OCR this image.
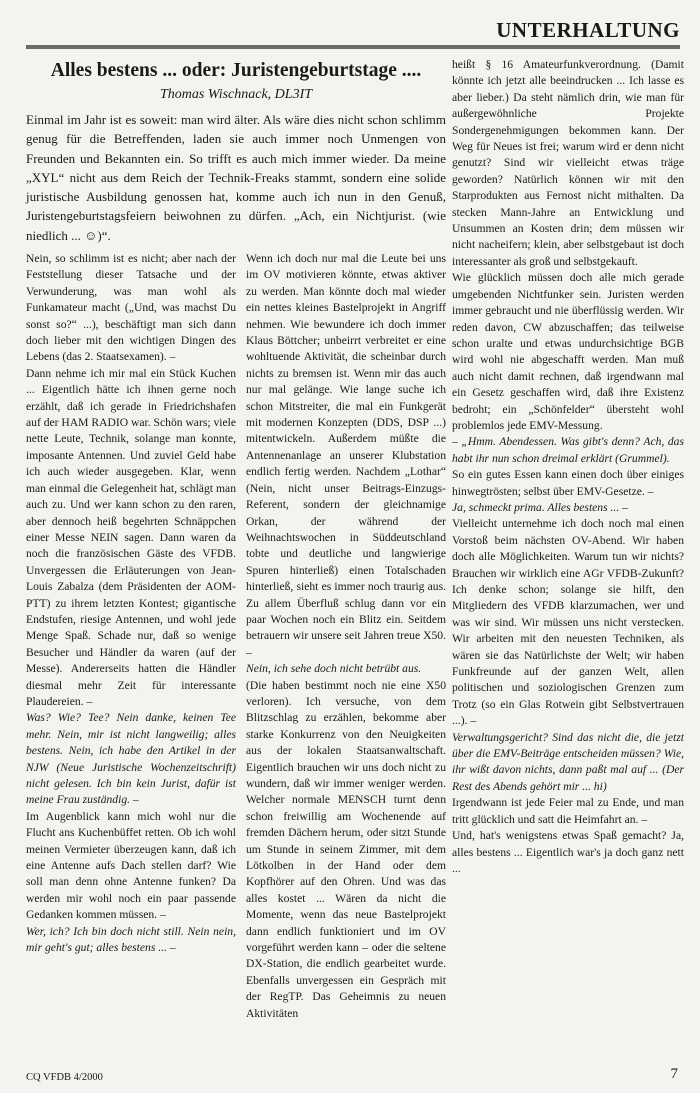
UNTERHALTUNG
Alles bestens ... oder: Juristengeburtstage ....
Thomas Wischnack, DL3IT

Einmal im Jahr ist es soweit: man wird älter. Als wäre dies nicht schon schlimm genug für die Betreffenden, laden sie auch immer noch Unmengen von Freunden und Bekannten ein. So trifft es auch mich immer wieder. Da meine „XYL“ nicht aus dem Reich der Technik-Freaks stammt, sondern eine solide juristische Ausbildung genossen hat, komme auch ich nun in den Genuß, Juristengeburtstagsfeiern beiwohnen zu dürfen. „Ach, ein Nichtjurist. (wie niedlich ... ☺)“.

Nein, so schlimm ist es nicht; aber nach der Feststellung dieser Tatsache und der Verwunderung, was man wohl als Funkamateur macht („Und, was machst Du sonst so?“ ...), beschäftigt man sich dann doch lieber mit den wichtigen Dingen des Lebens (das 2. Staatsexamen). –

Dann nehme ich mir mal ein Stück Kuchen ... Eigentlich hätte ich ihnen gerne noch erzählt, daß ich gerade in Friedrichshafen auf der HAM RADIO war. Schön wars; viele nette Leute, Technik, solange man konnte, imposante Antennen. Und zuviel Geld habe ich auch wieder ausgegeben. Klar, wenn man einmal die Gelegenheit hat, schlägt man auch zu. Und wer kann schon zu den raren, aber dennoch heiß begehrten Schnäppchen einer Messe NEIN sagen. Dann waren da noch die französischen Gäste des VFDB. Unvergessen die Erläuterungen von Jean-Louis Zabalza (dem Präsidenten der AOM-PTT) zu ihrem letzten Kontest; gigantische Endstufen, riesige Antennen, und wohl jede Menge Spaß. Schade nur, daß so wenige Besucher und Händler da waren (auf der Messe). Andererseits hatten die Händler diesmal mehr Zeit für interessante Plaudereien. –

Was? Wie? Tee? Nein danke, keinen Tee mehr. Nein, mir ist nicht langweilig; alles bestens. Nein, ich habe den Artikel in der NJW (Neue Juristische Wochenzeitschrift) nicht gelesen. Ich bin kein Jurist, dafür ist meine Frau zuständig. –

Im Augenblick kann mich wohl nur die Flucht ans Kuchenbüffet retten. Ob ich wohl meinen Vermieter überzeugen kann, daß ich eine Antenne aufs Dach stellen darf? Wie soll man denn ohne Antenne funken? Da werden mir wohl noch ein paar passende Gedanken kommen müssen. –

Wer, ich? Ich bin doch nicht still. Nein nein, mir geht's gut; alles bestens ... –

Wenn ich doch nur mal die Leute bei uns im OV motivieren könnte, etwas aktiver zu werden. Man könnte doch mal wieder ein nettes kleines Bastelprojekt in Angriff nehmen. Wie bewundere ich doch immer Klaus Böttcher; unbeirrt verbreitet er eine wohltuende Aktivität, die scheinbar durch nichts zu bremsen ist. Wenn mir das auch nur mal gelänge. Wie lange suche ich schon Mitstreiter, die mal ein Funkgerät mit modernen Konzepten (DDS, DSP ...) mitentwickeln. Außerdem müßte die Antennenanlage an unserer Klubstation endlich fertig werden. Nachdem „Lothar“ (Nein, nicht unser Beitrags-Einzugs-Referent, sondern der gleichnamige Orkan, der während der Weihnachtswochen in Süddeutschland tobte und deutliche und langwierige Spuren hinterließ) einen Totalschaden hinterließ, sieht es immer noch traurig aus. Zu allem Überfluß schlug dann vor ein paar Wochen noch ein Blitz ein. Seitdem betrauern wir unsere seit Jahren treue X50. –

Nein, ich sehe doch nicht betrübt aus.

(Die haben bestimmt noch nie eine X50 verloren). Ich versuche, von dem Blitzschlag zu erzählen, bekomme aber starke Konkurrenz von den Neuigkeiten aus der lokalen Staatsanwaltschaft. Eigentlich brauchen wir uns doch nicht zu wundern, daß wir immer weniger werden. Welcher normale MENSCH turnt denn schon freiwillig am Wochenende auf fremden Dächern herum, oder sitzt Stunde um Stunde in seinem Zimmer, mit dem Lötkolben in der Hand oder dem Kopfhörer auf den Ohren. Und was das alles kostet ... Wären da nicht die Momente, wenn das neue Bastelprojekt dann endlich funktioniert und im OV vorgeführt werden kann – oder die seltene DX-Station, die endlich gearbeitet wurde. Ebenfalls unvergessen ein Gespräch mit der RegTP. Das Geheimnis zu neuen Aktivitäten

heißt § 16 Amateurfunkverordnung. (Damit könnte ich jetzt alle beeindrucken ... Ich lasse es aber lieber.) Da steht nämlich drin, wie man für außergewöhnliche Projekte Sondergenehmigungen bekommen kann. Der Weg für Neues ist frei; warum wird er denn nicht genutzt? Sind wir vielleicht etwas träge geworden? Natürlich können wir mit den Starprodukten aus Fernost nicht mithalten. Da stecken Mann-Jahre an Entwicklung und Unsummen an Kosten drin; dem müssen wir nicht nacheifern; klein, aber selbstgebaut ist doch interessanter als groß und selbstgekauft.

Wie glücklich müssen doch alle mich gerade umgebenden Nichtfunker sein. Juristen werden immer gebraucht und nie überflüssig werden. Wir reden davon, CW abzuschaffen; das teilweise schon uralte und etwas undurchsichtige BGB wird wohl nie abgeschafft werden. Man muß auch nicht damit rechnen, daß irgendwann mal ein Gesetz geschaffen wird, daß ihre Existenz bedroht; ein „Schönfelder“ übersteht wohl problemlos jede EMV-Messung.

– „Hmm. Abendessen. Was gibt's denn? Ach, das habt ihr nun schon dreimal erklärt (Grummel).

So ein gutes Essen kann einen doch über einiges hinwegtrösten; selbst über EMV-Gesetze. –

Ja, schmeckt prima. Alles bestens ... –

Vielleicht unternehme ich doch noch mal einen Vorstoß beim nächsten OV-Abend. Wir haben doch alle Möglichkeiten. Warum tun wir nichts? Brauchen wir wirklich eine AGr VFDB-Zukunft? Ich denke schon; solange sie hilft, den Mitgliedern des VFDB klarzumachen, wer und was wir sind. Wir müssen uns nicht verstecken. Wir arbeiten mit den neuesten Techniken, als wären sie das Natürlichste der Welt; wir haben Funkfreunde auf der ganzen Welt, allen politischen und soziologischen Grenzen zum Trotz (so ein Glas Rotwein gibt Selbstvertrauen ...). –

Verwaltungsgericht? Sind das nicht die, die jetzt über die EMV-Beiträge entscheiden müssen? Wie, ihr wißt davon nichts, dann paßt mal auf ... (Der Rest des Abends gehört mir ... hi)

Irgendwann ist jede Feier mal zu Ende, und man tritt glücklich und satt die Heimfahrt an. –

Und, hat's wenigstens etwas Spaß gemacht? Ja, alles bestens ... Eigentlich war's ja doch ganz nett ...

CQ VFDB 4/2000	7
